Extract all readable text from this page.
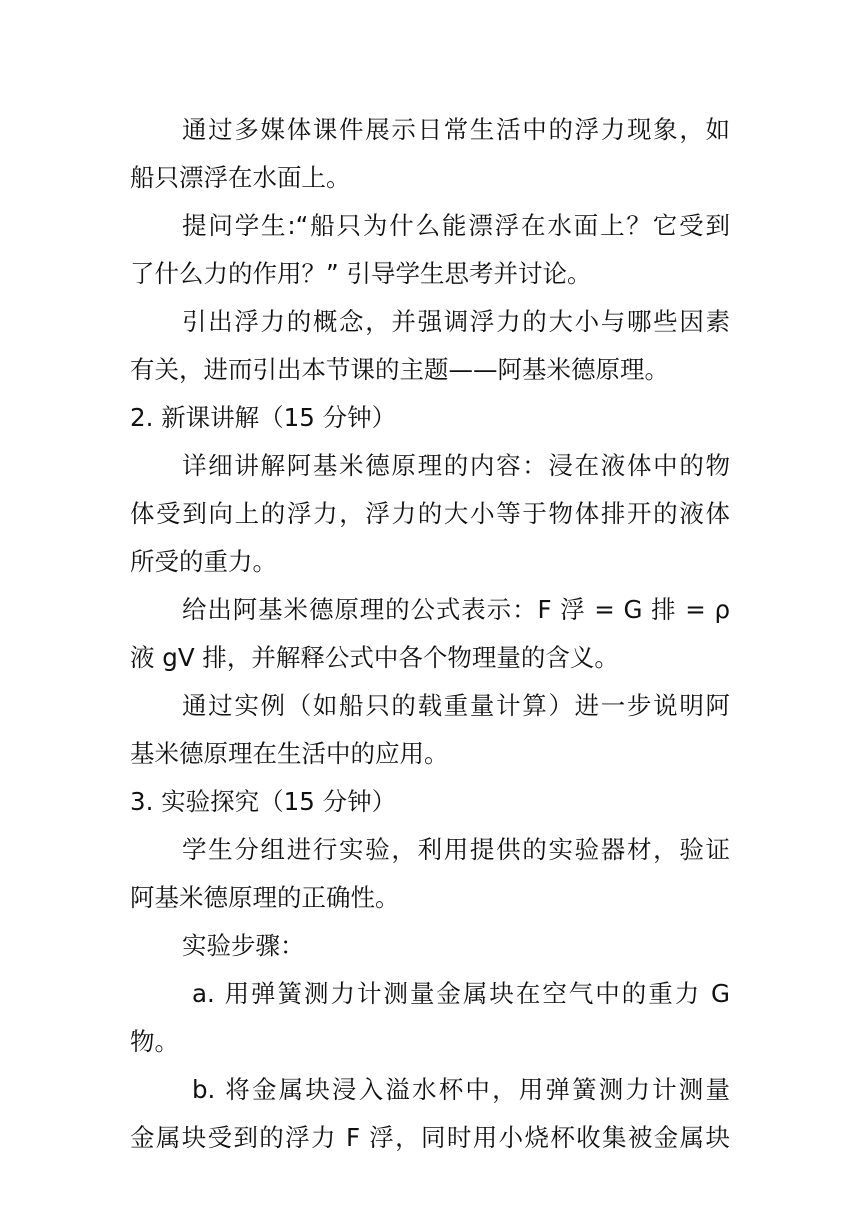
通过多媒体课件展示日常生活中的浮力现象，如
船只漂浮在水面上。
提问学生:“船只为什么能漂浮在水面上？它受到
了什么力的作用？” 引导学生思考并讨论。
引出浮力的概念，并强调浮力的大小与哪些因素
有关，进而引出本节课的主题——阿基米德原理。
2. 新课讲解（15 分钟）
详细讲解阿基米德原理的内容：浸在液体中的物
体受到向上的浮力，浮力的大小等于物体排开的液体
所受的重力。
给出阿基米德原理的公式表示：F 浮 = G 排 = ρ
液 gV 排，并解释公式中各个物理量的含义。
通过实例（如船只的载重量计算）进一步说明阿
基米德原理在生活中的应用。
3. 实验探究（15 分钟）
学生分组进行实验，利用提供的实验器材，验证
阿基米德原理的正确性。
实验步骤：
a. 用弹簧测力计测量金属块在空气中的重力 G
物。
b. 将金属块浸入溢水杯中，用弹簧测力计测量
金属块受到的浮力 F 浮，同时用小烧杯收集被金属块
